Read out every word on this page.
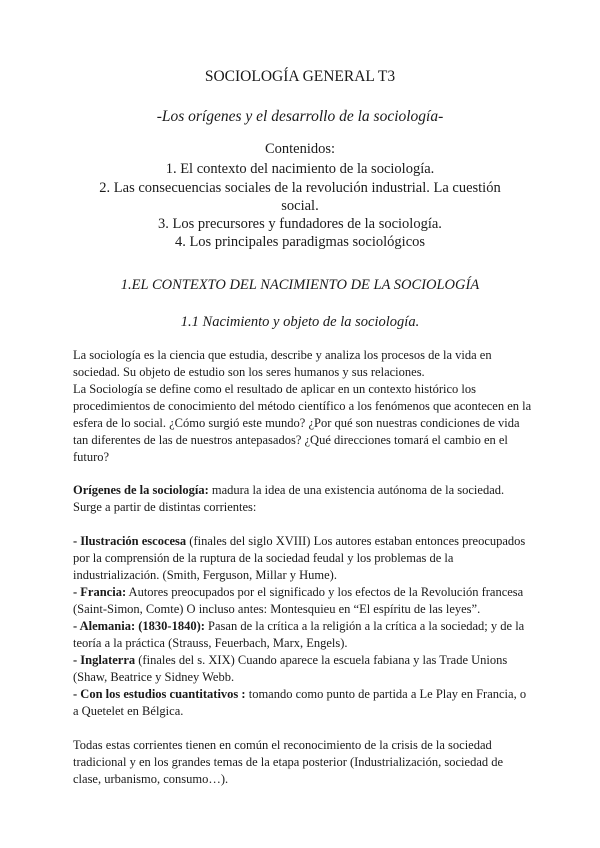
SOCIOLOGÍA GENERAL T3
-Los orígenes y el desarrollo de la sociología-
Contenidos:
1. El contexto del nacimiento de la sociología.
2. Las consecuencias sociales de la revolución industrial. La cuestión
social.
3. Los precursores y fundadores de la sociología.
4. Los principales paradigmas sociológicos
1.EL CONTEXTO DEL NACIMIENTO DE LA SOCIOLOGÍA
1.1 Nacimiento y objeto de la sociología.

La sociología es la ciencia que estudia, describe y analiza los procesos de la vida en sociedad. Su objeto de estudio son los seres humanos y sus relaciones.

La Sociología se define como el resultado de aplicar en un contexto histórico los procedimientos de conocimiento del método científico a los fenómenos que acontecen en la esfera de lo social. ¿Cómo surgió este mundo? ¿Por qué son nuestras condiciones de vida tan diferentes de las de nuestros antepasados? ¿Qué direcciones tomará el cambio en el futuro?

Orígenes de la sociología: madura la idea de una existencia autónoma de la sociedad. Surge a partir de distintas corrientes:

- Ilustración escocesa (finales del siglo XVIII) Los autores estaban entonces preocupados por la comprensión de la ruptura de la sociedad feudal y los problemas de la industrialización. (Smith, Ferguson, Millar y Hume).

- Francia: Autores preocupados por el significado y los efectos de la Revolución francesa (Saint-Simon, Comte) O incluso antes: Montesquieu en “El espíritu de las leyes”.

- Alemania: (1830-1840): Pasan de la crítica a la religión a la crítica a la sociedad; y de la teoría a la práctica (Strauss, Feuerbach, Marx, Engels).

- Inglaterra (finales del s. XIX) Cuando aparece la escuela fabiana y las Trade Unions (Shaw, Beatrice y Sidney Webb.

- Con los estudios cuantitativos : tomando como punto de partida a Le Play en Francia, o a Quetelet en Bélgica.

Todas estas corrientes tienen en común el reconocimiento de la crisis de la sociedad tradicional y en los grandes temas de la etapa posterior (Industrialización, sociedad de clase, urbanismo, consumo…).
